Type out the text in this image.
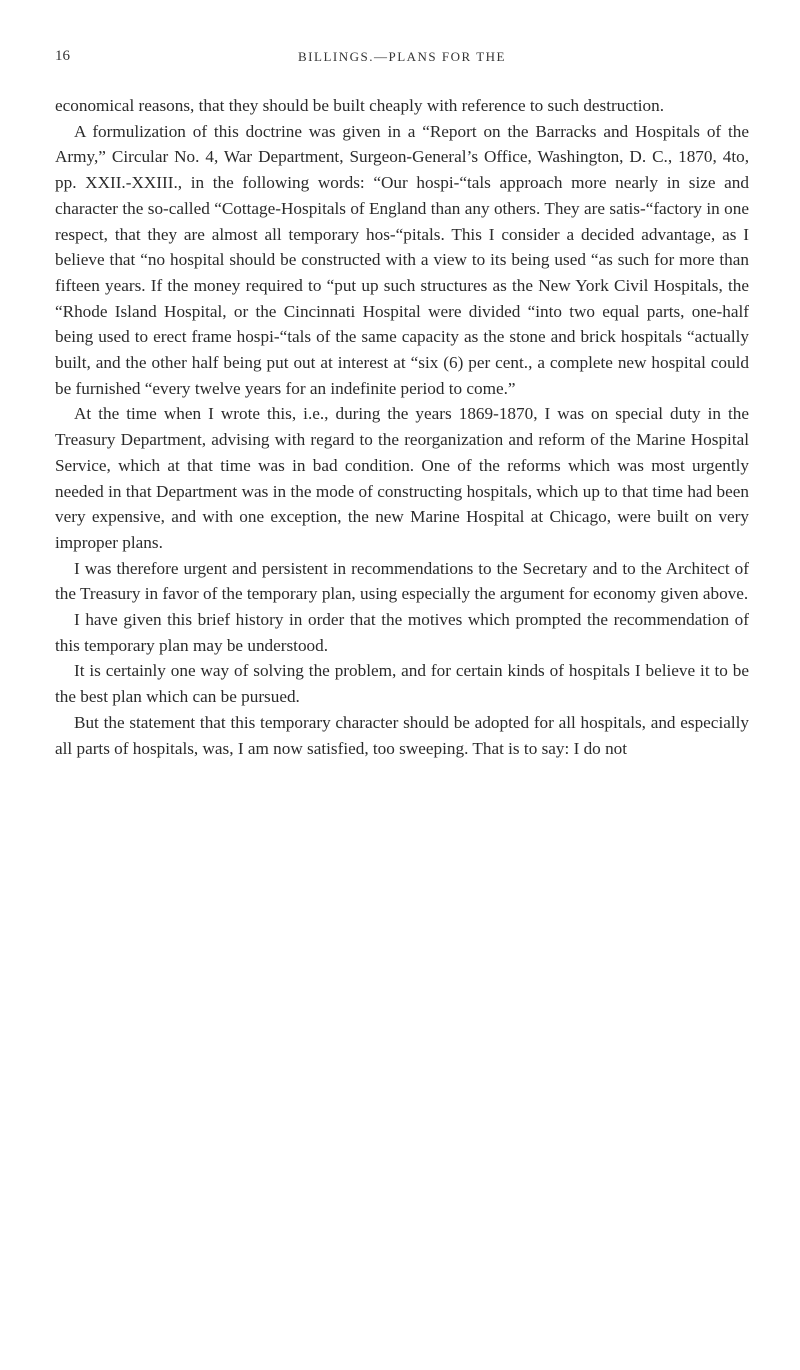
16	BILLINGS.—PLANS FOR THE

economical reasons, that they should be built cheaply with reference to such destruction.

A formulization of this doctrine was given in a “Report on the Barracks and Hospitals of the Army,” Circular No. 4, War Department, Surgeon-General’s Office, Washington, D. C., 1870, 4to, pp. XXII.-XXIII., in the following words: “Our hospi-“tals approach more nearly in size and character the so-called “Cottage-Hospitals of England than any others. They are satis-“factory in one respect, that they are almost all temporary hos-“pitals. This I consider a decided advantage, as I believe that “no hospital should be constructed with a view to its being used “as such for more than fifteen years. If the money required to “put up such structures as the New York Civil Hospitals, the “Rhode Island Hospital, or the Cincinnati Hospital were divided “into two equal parts, one-half being used to erect frame hospi-“tals of the same capacity as the stone and brick hospitals “actually built, and the other half being put out at interest at “six (6) per cent., a complete new hospital could be furnished “every twelve years for an indefinite period to come.”

At the time when I wrote this, i.e., during the years 1869-1870, I was on special duty in the Treasury Department, advising with regard to the reorganization and reform of the Marine Hospital Service, which at that time was in bad condition. One of the reforms which was most urgently needed in that Department was in the mode of constructing hospitals, which up to that time had been very expensive, and with one exception, the new Marine Hospital at Chicago, were built on very improper plans.

I was therefore urgent and persistent in recommendations to the Secretary and to the Architect of the Treasury in favor of the temporary plan, using especially the argument for economy given above.

I have given this brief history in order that the motives which prompted the recommendation of this temporary plan may be understood.

It is certainly one way of solving the problem, and for certain kinds of hospitals I believe it to be the best plan which can be pursued.

But the statement that this temporary character should be adopted for all hospitals, and especially all parts of hospitals, was, I am now satisfied, too sweeping. That is to say: I do not
